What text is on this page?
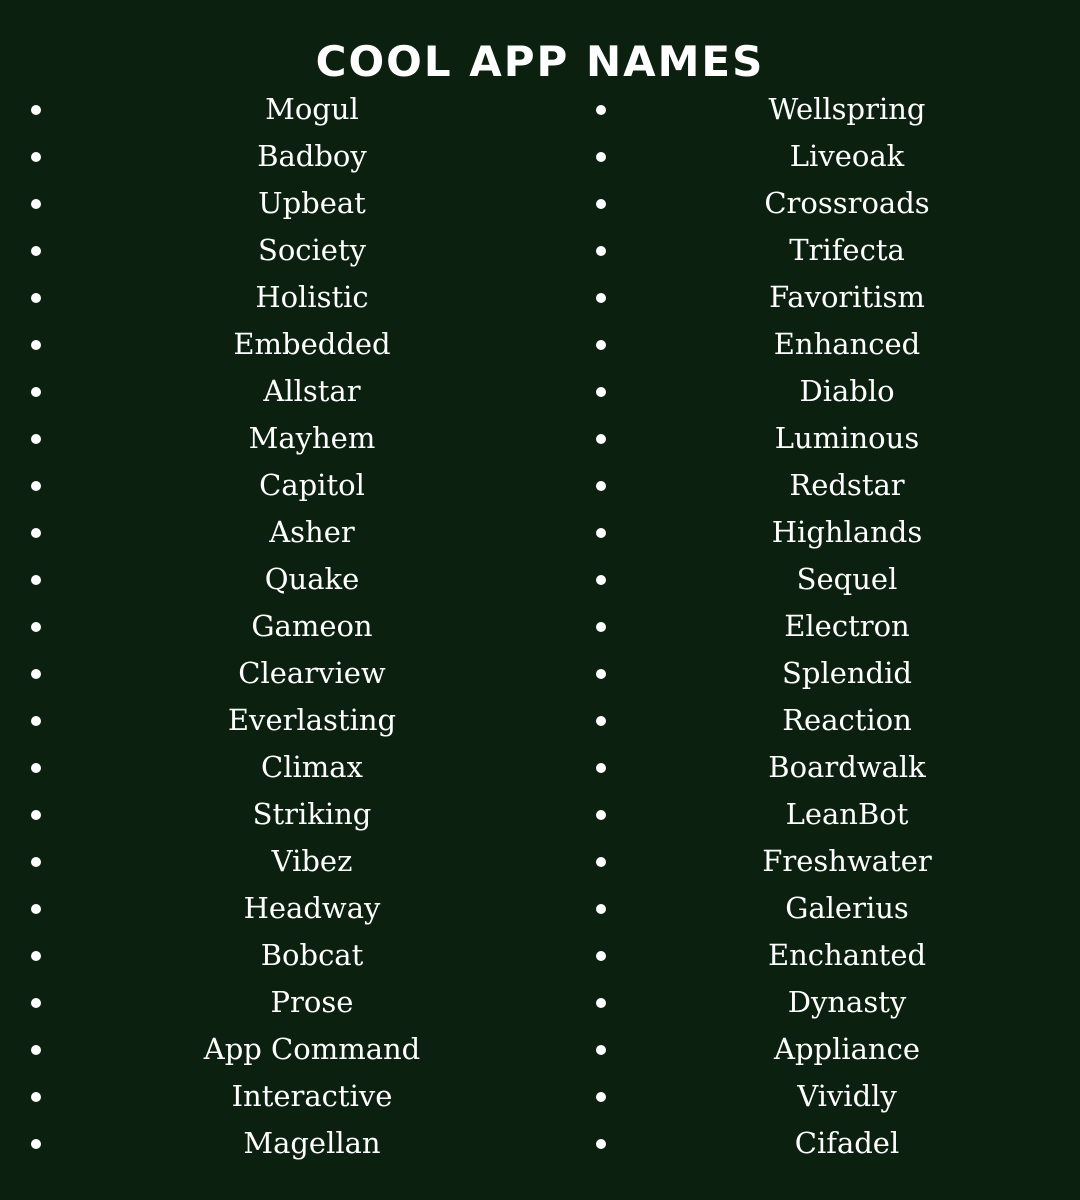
COOL APP NAMES
Mogul
Badboy
Upbeat
Society
Holistic
Embedded
Allstar
Mayhem
Capitol
Asher
Quake
Gameon
Clearview
Everlasting
Climax
Striking
Vibez
Headway
Bobcat
Prose
App Command
Interactive
Magellan
Wellspring
Liveoak
Crossroads
Trifecta
Favoritism
Enhanced
Diablo
Luminous
Redstar
Highlands
Sequel
Electron
Splendid
Reaction
Boardwalk
LeanBot
Freshwater
Galerius
Enchanted
Dynasty
Appliance
Vividly
Cifadel
